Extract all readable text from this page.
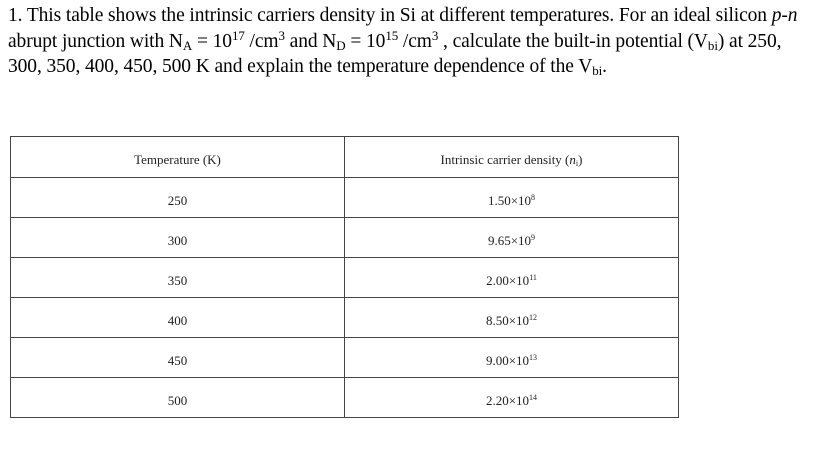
1. This table shows the intrinsic carriers density in Si at different temperatures. For an ideal silicon p-n abrupt junction with $N_A = 10^{17}$ $/cm^3$ and $N_D = 10^{15}$ $/cm^3$ , calculate the built-in potential $(V_{bi})$ at 250, 300, 350, 400, 450, 500 K and explain the temperature dependence of the $V_{bi}$.
Temperature (K)	Intrinsic carrier density $(n_i)$
250	$1.50\times 10^8$
300	$9.65\times 10^9$
350	$2.00\times 10^{11}$
400	$8.50\times 10^{12}$
450	$9.00\times 10^{13}$
500	$2.20\times 10^{14}$
